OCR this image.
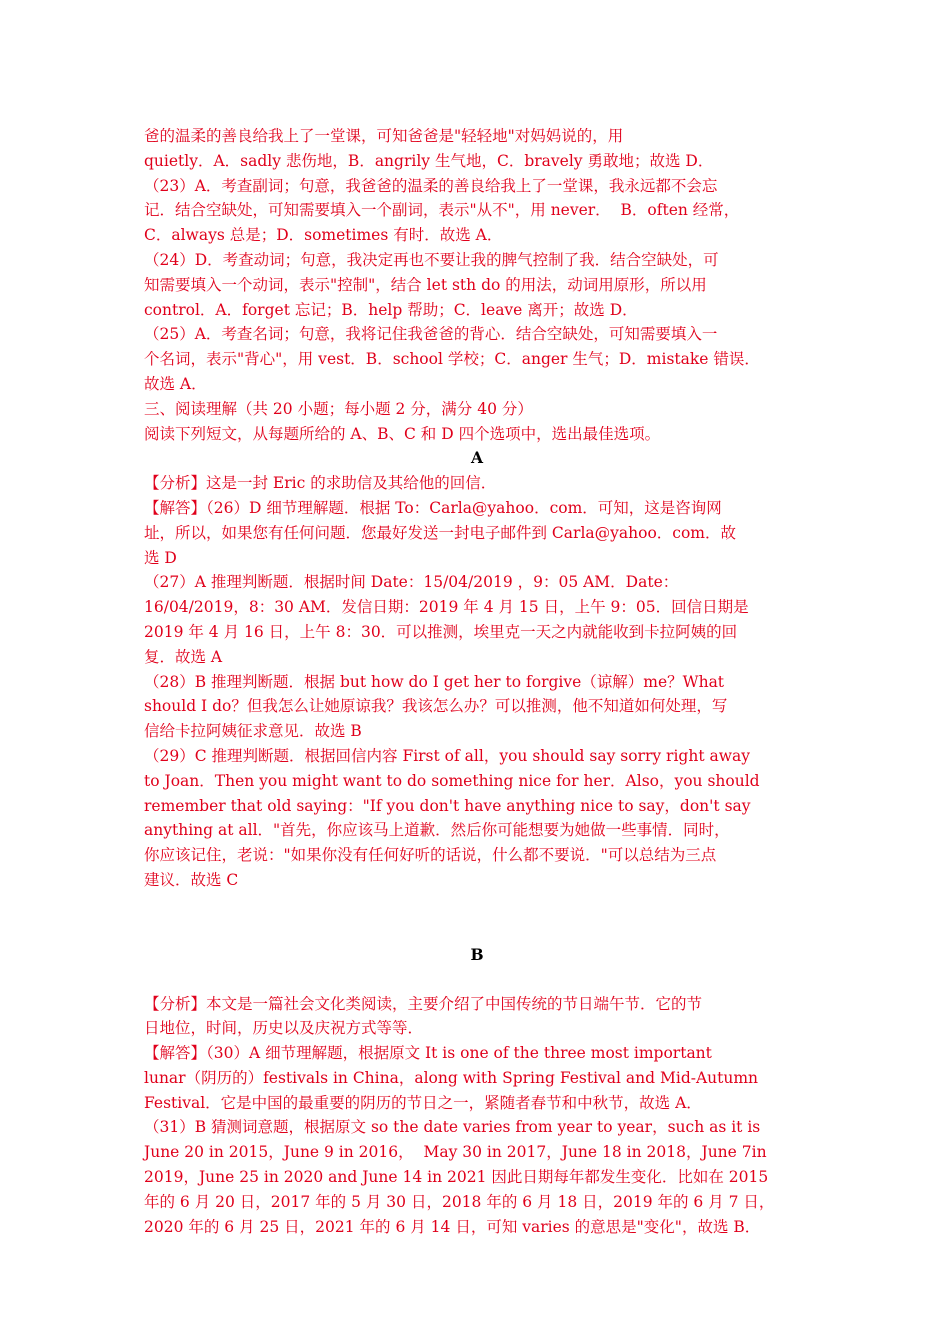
爸的温柔的善良给我上了一堂课，可知爸爸是"轻轻地"对妈妈说的，用

quietly．A．sadly 悲伤地，B．angrily 生气地，C．bravely 勇敢地；故选 D．

（23）A．考查副词；句意，我爸爸的温柔的善良给我上了一堂课，我永远都不会忘

记．结合空缺处，可知需要填入一个副词，表示"从不"，用 never．  B．often 经常，

C．always 总是；D．sometimes 有时．故选 A．

（24）D．考查动词；句意，我决定再也不要让我的脾气控制了我．结合空缺处，可

知需要填入一个动词，表示"控制"，结合 let sth do 的用法，动词用原形，所以用

control．A．forget 忘记；B．help 帮助；C．leave 离开；故选 D．

（25）A．考查名词；句意，我将记住我爸爸的背心．结合空缺处，可知需要填入一

个名词，表示"背心"，用 vest．B．school 学校；C．anger 生气；D．mistake 错误．

故选 A．

三、阅读理解（共 20 小题；每小题 2 分，满分 40 分）

阅读下列短文，从每题所给的 A、B、C 和 D 四个选项中，选出最佳选项。

A

【分析】这是一封 Eric 的求助信及其给他的回信．

【解答】（26）D 细节理解题．根据 To：Carla@yahoo．com．可知，这是咨询网

址，所以，如果您有任何问题．您最好发送一封电子邮件到 Carla@yahoo．com．故

选 D

（27）A 推理判断题．根据时间 Date：15/04/2019 ，9：05 AM．Date：

16/04/2019，8：30 AM．发信日期：2019 年 4 月 15 日，上午 9：05．回信日期是

2019 年 4 月 16 日，上午 8：30．可以推测，埃里克一天之内就能收到卡拉阿姨的回

复．故选 A

（28）B 推理判断题．根据 but how do I get her to forgive（谅解）me？What

should I do？但我怎么让她原谅我？我该怎么办？可以推测，他不知道如何处理，写

信给卡拉阿姨征求意见．故选 B

（29）C 推理判断题．根据回信内容 First of all，you should say sorry right away

to Joan．Then you might want to do something nice for her．Also，you should

remember that old saying："If you don't have anything nice to say，don't say

anything at all．"首先，你应该马上道歉．然后你可能想要为她做一些事情．同时，

你应该记住，老说："如果你没有任何好听的话说，什么都不要说．"可以总结为三点

建议．故选 C

B

【分析】本文是一篇社会文化类阅读，主要介绍了中国传统的节日端午节．它的节

日地位，时间，历史以及庆祝方式等等．

【解答】（30）A 细节理解题，根据原文 It is one of the three most important

lunar（阴历的）festivals in China，along with Spring Festival and Mid-Autumn

Festival．它是中国的最重要的阴历的节日之一，紧随者春节和中秋节，故选 A．

（31）B 猜测词意题，根据原文 so the date varies from year to year，such as it is

June 20 in 2015，June 9 in 2016，  May 30 in 2017，June 18 in 2018，June 7in

2019，June 25 in 2020 and June 14 in 2021 因此日期每年都发生变化．比如在 2015

年的 6 月 20 日，2017 年的 5 月 30 日，2018 年的 6 月 18 日，2019 年的 6 月 7 日，

2020 年的 6 月 25 日，2021 年的 6 月 14 日，可知 varies 的意思是"变化"，故选 B．
